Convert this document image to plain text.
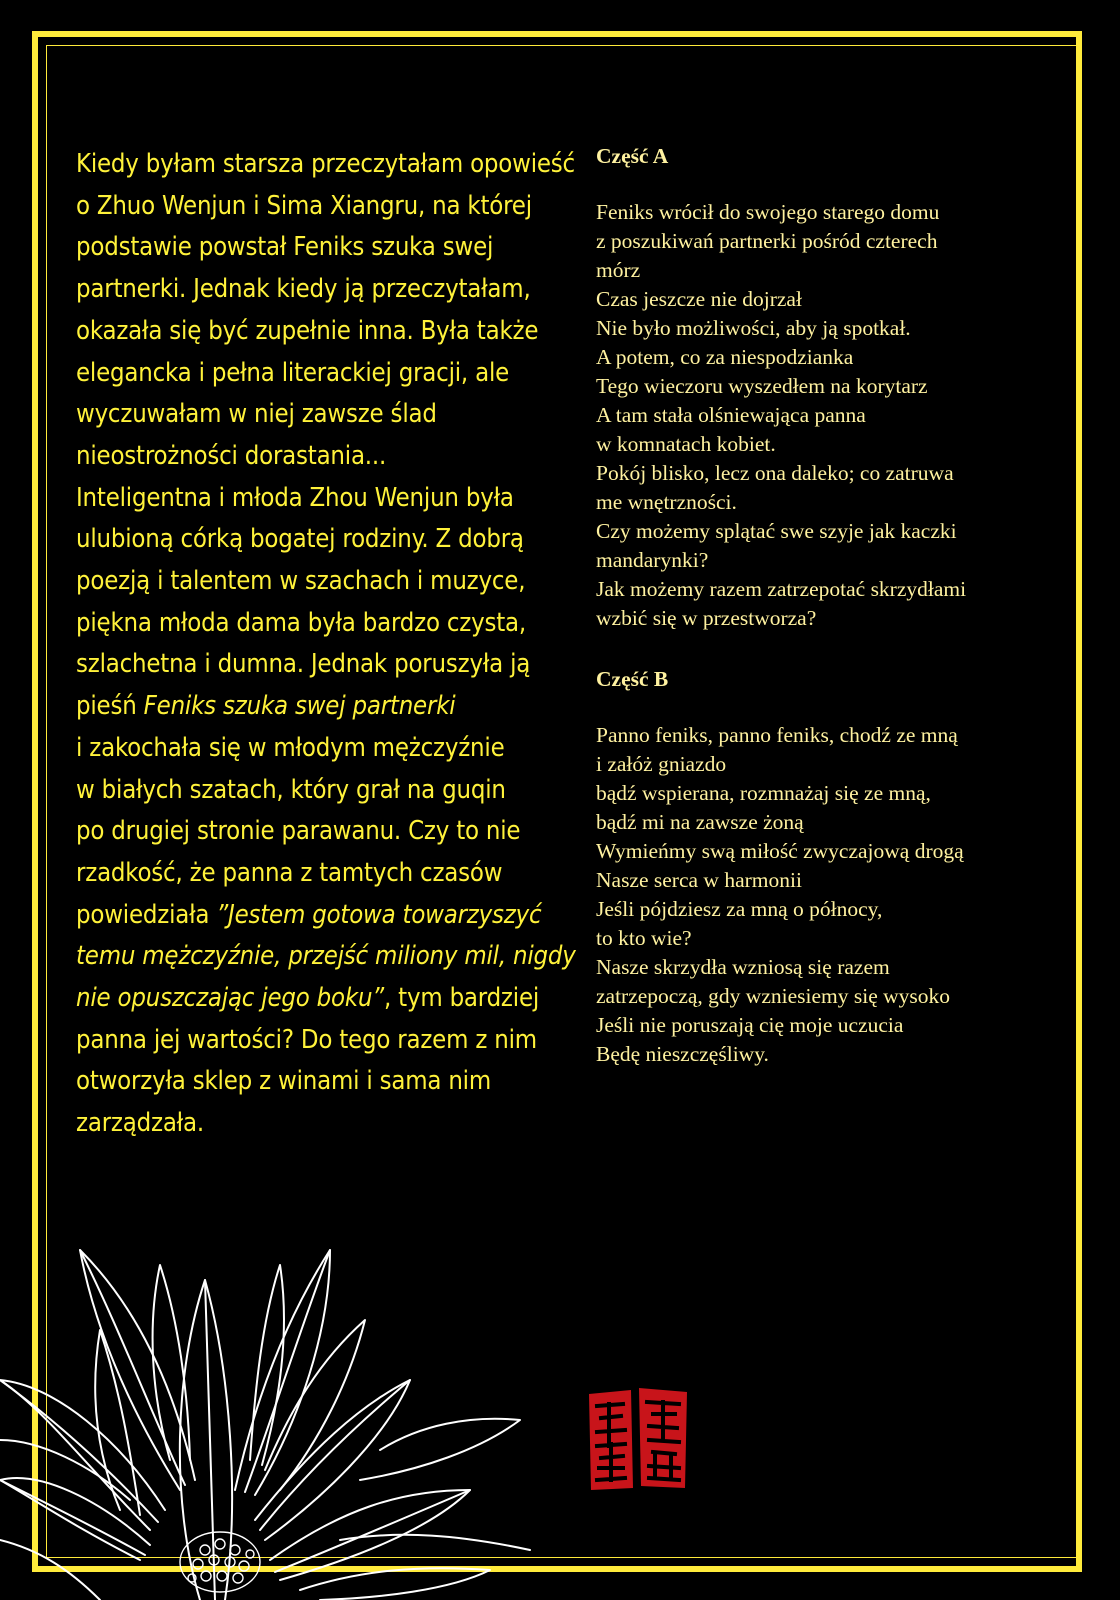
Kiedy byłam starsza przeczytałam opowieść
o Zhuo Wenjun i Sima Xiangru, na której
podstawie powstał Feniks szuka swej
partnerki. Jednak kiedy ją przeczytałam,
okazała się być zupełnie inna. Była także
elegancka i pełna literackiej gracji, ale
wyczuwałam w niej zawsze ślad
nieostrożności dorastania...
Inteligentna i młoda Zhou Wenjun była
ulubioną córką bogatej rodziny. Z dobrą
poezją i talentem w szachach i muzyce,
piękna młoda dama była bardzo czysta,
szlachetna i dumna. Jednak poruszyła ją
pieśń Feniks szuka swej partnerki
i zakochała się w młodym mężczyźnie
w białych szatach, który grał na guqin
po drugiej stronie parawanu. Czy to nie
rzadkość, że panna z tamtych czasów
powiedziała ”Jestem gotowa towarzyszyć
temu mężczyźnie, przejść miliony mil, nigdy
nie opuszczając jego boku”, tym bardziej
panna jej wartości? Do tego razem z nim
otworzyła sklep z winami i sama nim
zarządzała.
Część A
Feniks wrócił do swojego starego domu
z poszukiwań partnerki pośród czterech
mórz
Czas jeszcze nie dojrzał
Nie było możliwości, aby ją spotkał.
A potem, co za niespodzianka
Tego wieczoru wyszedłem na korytarz
A tam stała olśniewająca panna
w komnatach kobiet.
Pokój blisko, lecz ona daleko; co zatruwa
me wnętrzności.
Czy możemy splątać swe szyje jak kaczki
mandarynki?
Jak możemy razem zatrzepotać skrzydłami
wzbić się w przestworza?
Część B
Panno feniks, panno feniks, chodź ze mną
i załóż gniazdo
bądź wspierana, rozmnażaj się ze mną,
bądź mi na zawsze żoną
Wymieńmy swą miłość zwyczajową drogą
Nasze serca w harmonii
Jeśli pójdziesz za mną o północy,
to kto wie?
Nasze skrzydła wzniosą się razem
zatrzepoczą, gdy wzniesiemy się wysoko
Jeśli nie poruszają cię moje uczucia
Będę nieszczęśliwy.
